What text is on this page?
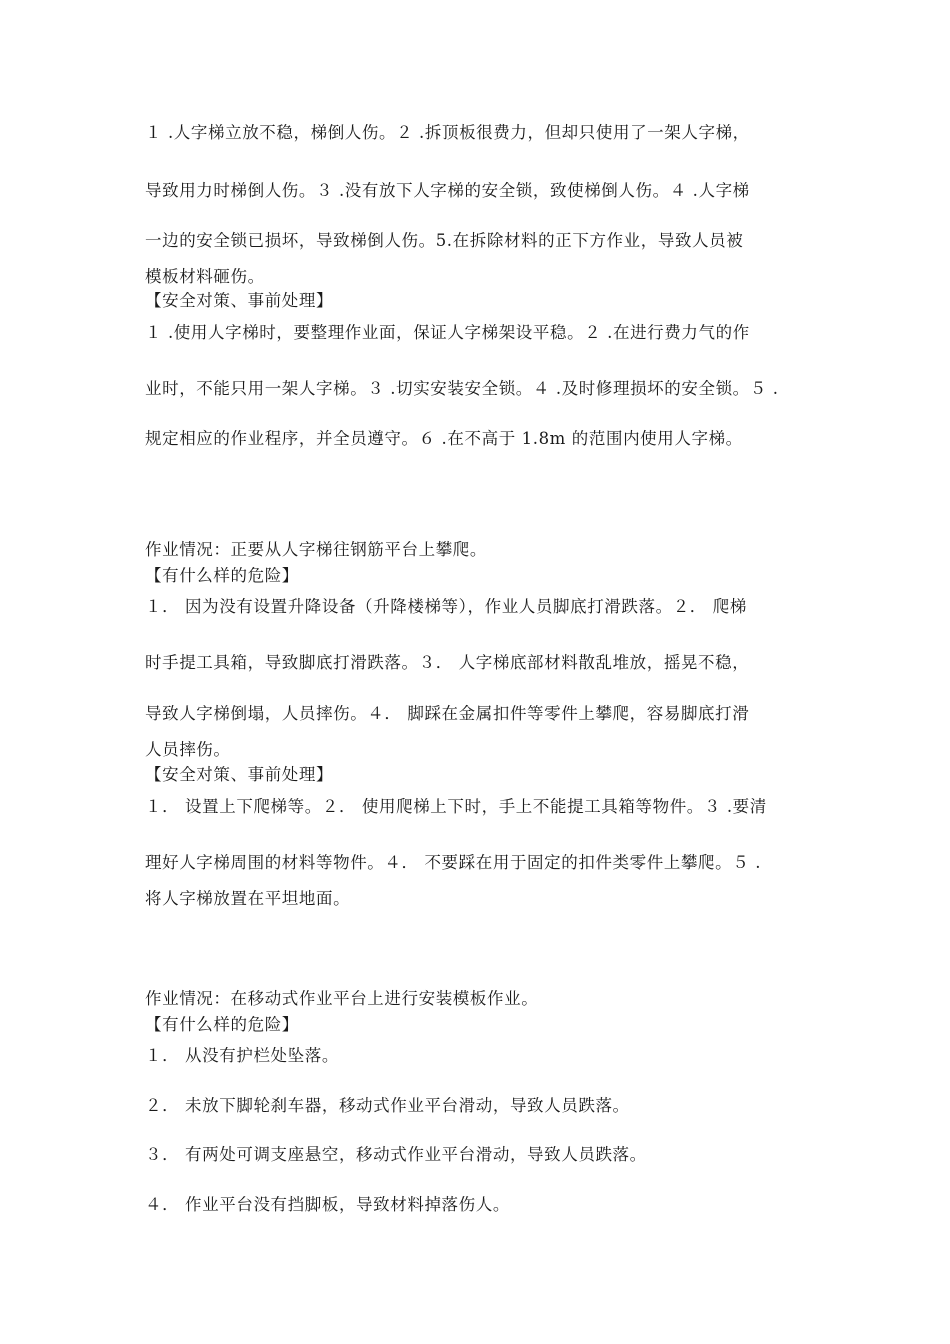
１ .人字梯立放不稳，梯倒人伤。２ .拆顶板很费力，但却只使用了一架人字梯，
导致用力时梯倒人伤。３ .没有放下人字梯的安全锁，致使梯倒人伤。４ .人字梯
一边的安全锁已损坏，导致梯倒人伤。5.在拆除材料的正下方作业，导致人员被
模板材料砸伤。
【安全对策、事前处理】
１ .使用人字梯时，要整理作业面，保证人字梯架设平稳。２ .在进行费力气的作
业时，不能只用一架人字梯。３ .切实安装安全锁。４ .及时修理损坏的安全锁。５ .
规定相应的作业程序，并全员遵守。６ .在不高于 1.8m 的范围内使用人字梯。
作业情况：正要从人字梯往钢筋平台上攀爬。
【有什么样的危险】
１． 因为没有设置升降设备（升降楼梯等），作业人员脚底打滑跌落。２． 爬梯
时手提工具箱，导致脚底打滑跌落。３． 人字梯底部材料散乱堆放，摇晃不稳，
导致人字梯倒塌，人员摔伤。４． 脚踩在金属扣件等零件上攀爬，容易脚底打滑
人员摔伤。
【安全对策、事前处理】
１． 设置上下爬梯等。２． 使用爬梯上下时，手上不能提工具箱等物件。３ .要清
理好人字梯周围的材料等物件。４． 不要踩在用于固定的扣件类零件上攀爬。５ .
将人字梯放置在平坦地面。
作业情况：在移动式作业平台上进行安装模板作业。
【有什么样的危险】
１． 从没有护栏处坠落。
２． 未放下脚轮刹车器，移动式作业平台滑动，导致人员跌落。
３． 有两处可调支座悬空，移动式作业平台滑动，导致人员跌落。
４． 作业平台没有挡脚板，导致材料掉落伤人。
